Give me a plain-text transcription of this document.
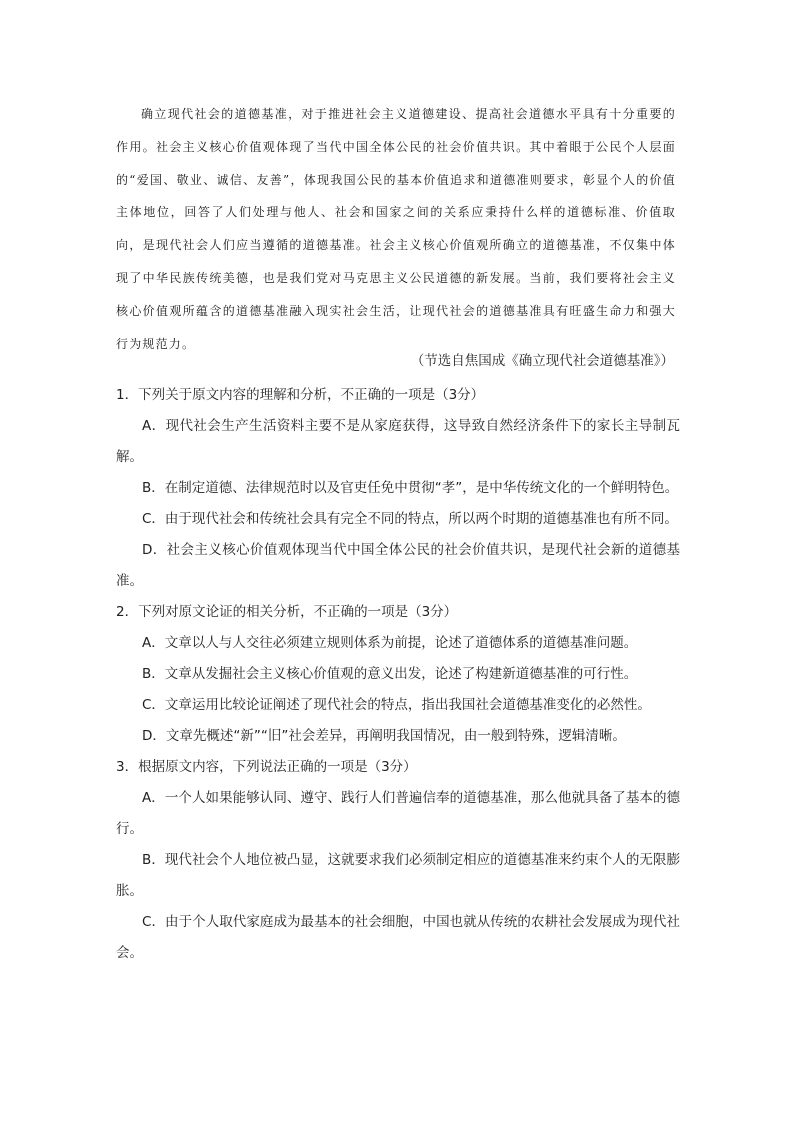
确立现代社会的道德基准，对于推进社会主义道德建设、提高社会道德水平具有十分重要的作用。社会主义核心价值观体现了当代中国全体公民的社会价值共识。其中着眼于公民个人层面的“爱国、敬业、诚信、友善”，体现我国公民的基本价值追求和道德准则要求，彰显个人的价值主体地位，回答了人们处理与他人、社会和国家之间的关系应秉持什么样的道德标准、价值取向，是现代社会人们应当遵循的道德基准。社会主义核心价值观所确立的道德基准，不仅集中体现了中华民族传统美德，也是我们党对马克思主义公民道德的新发展。当前，我们要将社会主义核心价值观所蕴含的道德基准融入现实社会生活，让现代社会的道德基准具有旺盛生命力和强大行为规范力。

（节选自焦国成《确立现代社会道德基准》）
1．下列关于原文内容的理解和分析，不正确的一项是（3分）

A．现代社会生产生活资料主要不是从家庭获得，这导致自然经济条件下的家长主导制瓦解。

B．在制定道德、法律规范时以及官吏任免中贯彻“孝”，是中华传统文化的一个鲜明特色。

C．由于现代社会和传统社会具有完全不同的特点，所以两个时期的道德基准也有所不同。

D．社会主义核心价值观体现当代中国全体公民的社会价值共识，是现代社会新的道德基准。

2．下列对原文论证的相关分析，不正确的一项是（3分）

A．文章以人与人交往必须建立规则体系为前提，论述了道德体系的道德基准问题。

B．文章从发掘社会主义核心价值观的意义出发，论述了构建新道德基准的可行性。

C．文章运用比较论证阐述了现代社会的特点，指出我国社会道德基准变化的必然性。

D．文章先概述“新”“旧”社会差异，再阐明我国情况，由一般到特殊，逻辑清晰。

3．根据原文内容，下列说法正确的一项是（3分）

A．一个人如果能够认同、遵守、践行人们普遍信奉的道德基准，那么他就具备了基本的德行。

B．现代社会个人地位被凸显，这就要求我们必须制定相应的道德基准来约束个人的无限膨胀。

C．由于个人取代家庭成为最基本的社会细胞，中国也就从传统的农耕社会发展成为现代社会。
